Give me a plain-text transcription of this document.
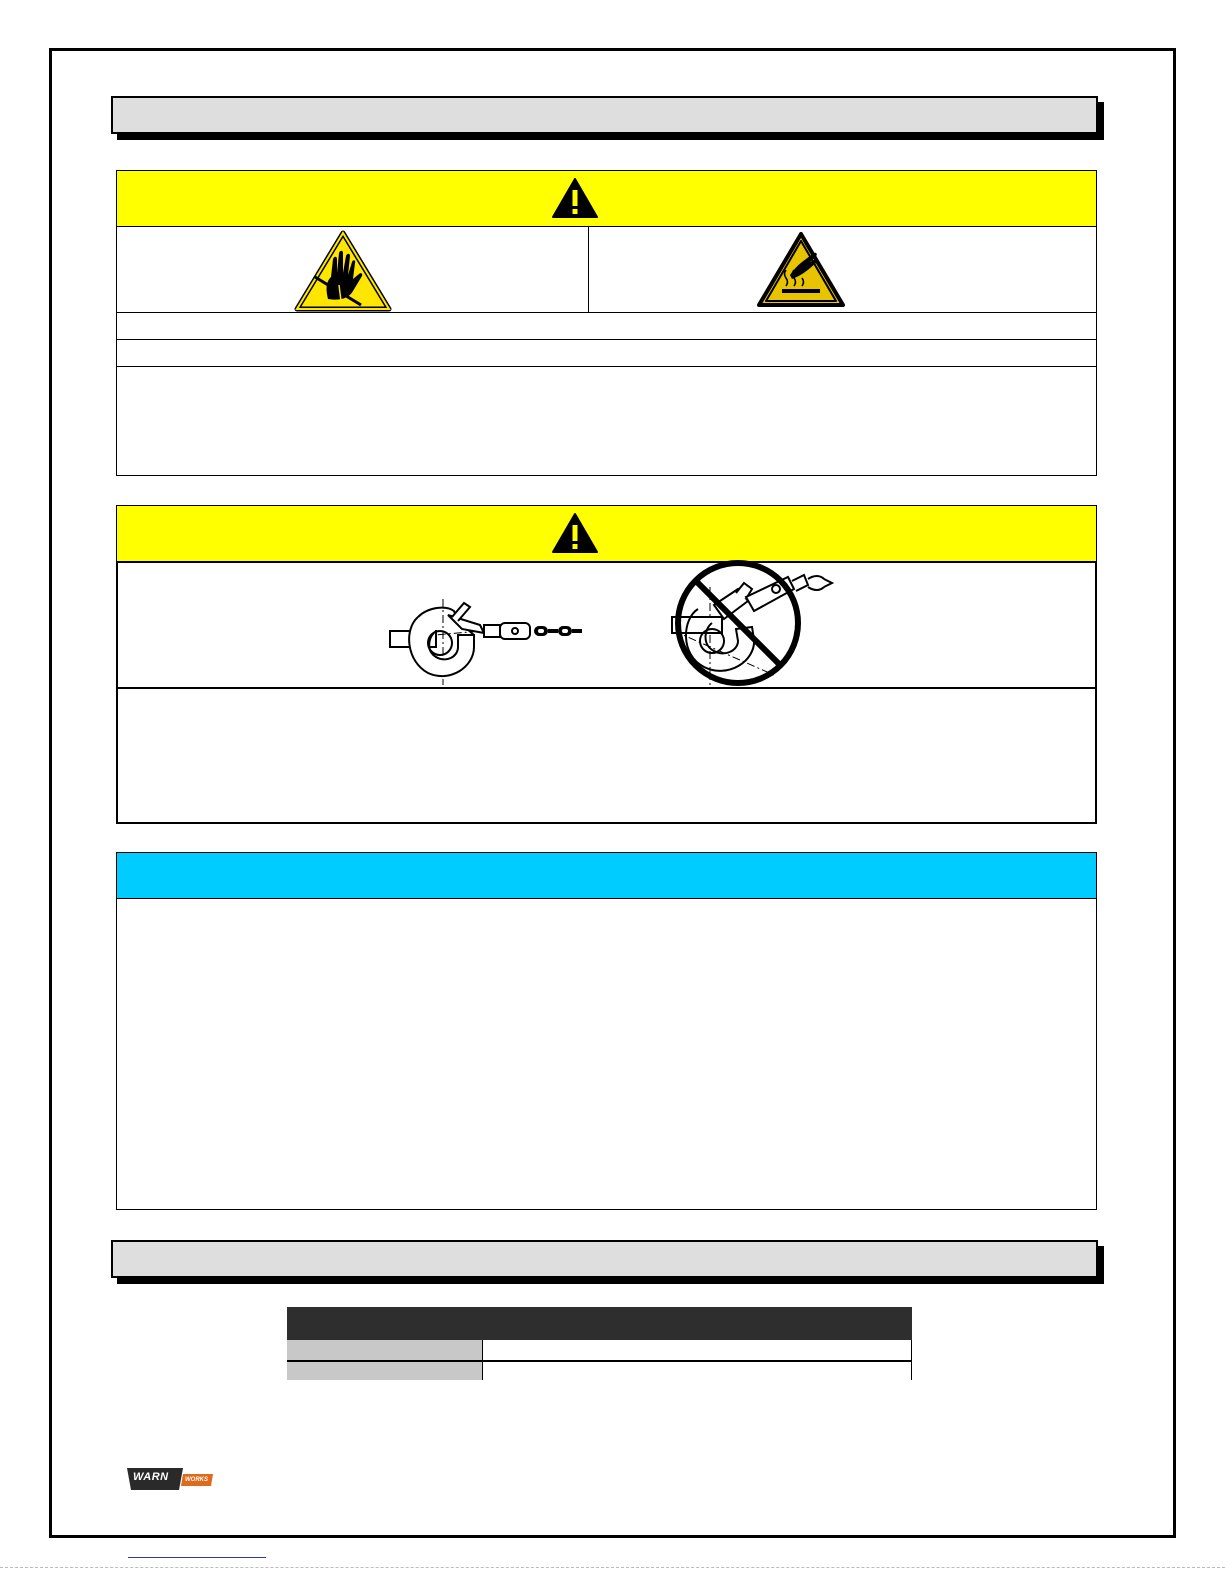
WARN	WORKS
